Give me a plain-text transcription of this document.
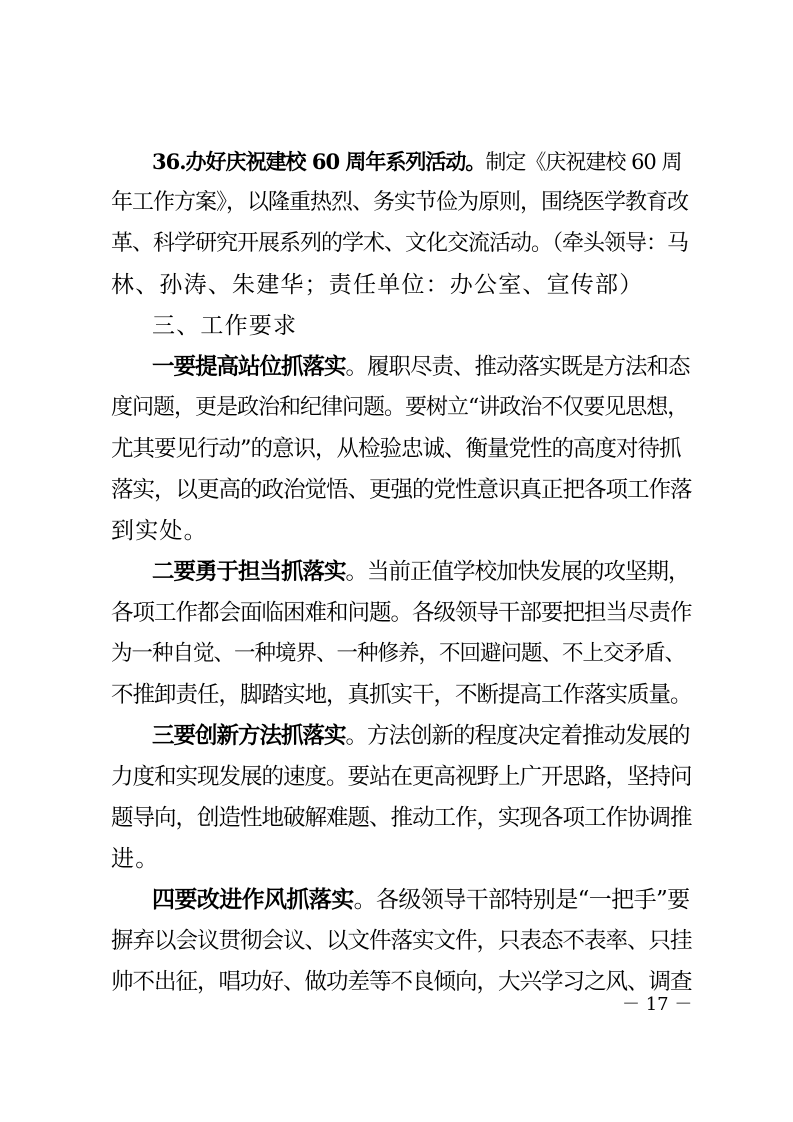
36.办好庆祝建校 60 周年系列活动。制定《庆祝建校 60 周
年工作方案》，以隆重热烈、务实节俭为原则，围绕医学教育改
革、科学研究开展系列的学术、文化交流活动。（牵头领导：马
林、孙涛、朱建华；责任单位：办公室、宣传部）
三、工作要求
一要提高站位抓落实。履职尽责、推动落实既是方法和态
度问题，更是政治和纪律问题。要树立“讲政治不仅要见思想，
尤其要见行动”的意识，从检验忠诚、衡量党性的高度对待抓
落实，以更高的政治觉悟、更强的党性意识真正把各项工作落
到实处。
二要勇于担当抓落实。当前正值学校加快发展的攻坚期，
各项工作都会面临困难和问题。各级领导干部要把担当尽责作
为一种自觉、一种境界、一种修养，不回避问题、不上交矛盾、
不推卸责任，脚踏实地，真抓实干，不断提高工作落实质量。
三要创新方法抓落实。方法创新的程度决定着推动发展的
力度和实现发展的速度。要站在更高视野上广开思路，坚持问
题导向，创造性地破解难题、推动工作，实现各项工作协调推
进。
四要改进作风抓落实。各级领导干部特别是“一把手”要
摒弃以会议贯彻会议、以文件落实文件，只表态不表率、只挂
帅不出征，唱功好、做功差等不良倾向，大兴学习之风、调查
－ 17 －
